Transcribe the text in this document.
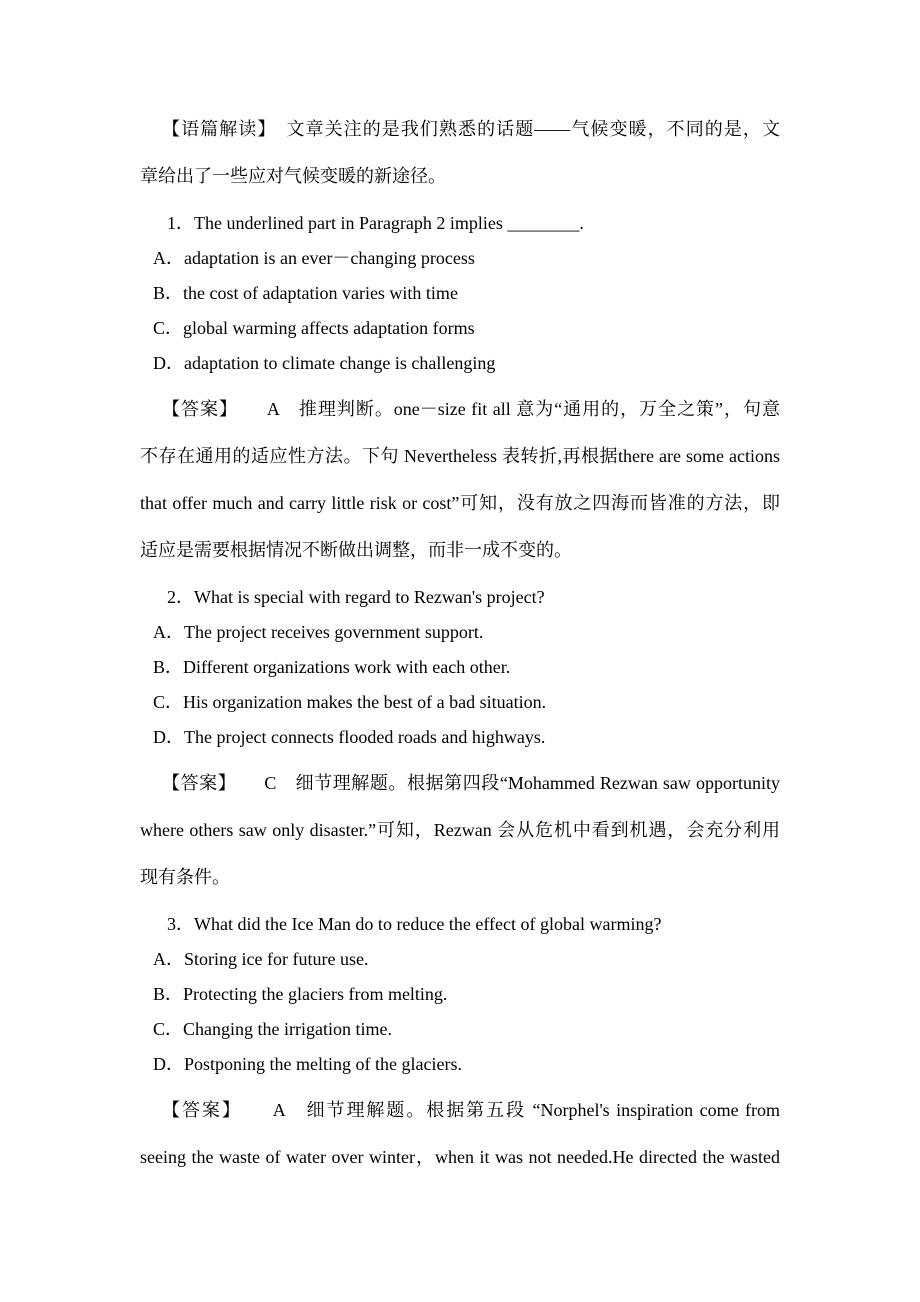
【语篇解读】　文章关注的是我们熟悉的话题——气候变暖，不同的是，文
章给出了一些应对气候变暖的新途径。
1．The underlined part in Paragraph 2 implies ________.
A．adaptation is an ever－changing process
B．the cost of adaptation varies with time
C．global warming affects adaptation forms
D．adaptation to climate change is challenging
【答案】　　A　推理判断。one－size fit all 意为“通用的，万全之策”，句意
不存在通用的适应性方法。下句 Nevertheless 表转折,再根据there are some actions
that offer much and carry little risk or cost”可知，没有放之四海而皆准的方法，即
适应是需要根据情况不断做出调整，而非一成不变的。
2．What is special with regard to Rezwan's project?
A．The project receives government support.
B．Different organizations work with each other.
C．His organization makes the best of a bad situation.
D．The project connects flooded roads and highways.
【答案】　　C　细节理解题。根据第四段“Mohammed Rezwan saw opportunity
where others saw only disaster.”可知，Rezwan 会从危机中看到机遇，会充分利用
现有条件。
3．What did the Ice Man do to reduce the effect of global warming?
A．Storing ice for future use.
B．Protecting the glaciers from melting.
C．Changing the irrigation time.
D．Postponing the melting of the glaciers.
【答案】　　A　细节理解题。根据第五段 “Norphel's inspiration come from
seeing the waste of water over winter，when it was not needed.He directed the wasted
